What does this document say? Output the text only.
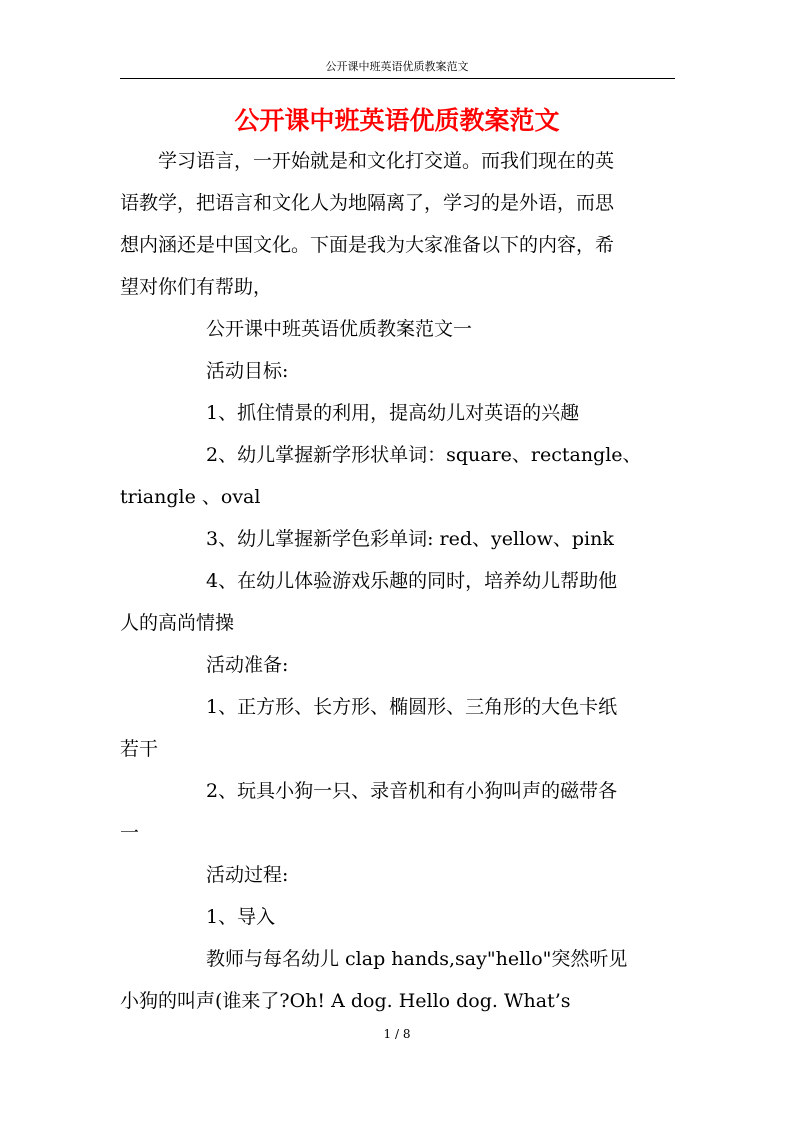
公开课中班英语优质教案范文
公开课中班英语优质教案范文

　　学习语言，一开始就是和文化打交道。而我们现在的英

语教学，把语言和文化人为地隔离了，学习的是外语，而思

想内涵还是中国文化。下面是我为大家准备以下的内容，希

望对你们有帮助，

公开课中班英语优质教案范文一

活动目标:

1、抓住情景的利用，提高幼儿对英语的兴趣

2、幼儿掌握新学形状单词：square、rectangle、

triangle 、oval

3、幼儿掌握新学色彩单词: red、yellow、pink

4、在幼儿体验游戏乐趣的同时，培养幼儿帮助他

人的高尚情操

活动准备:

1、正方形、长方形、椭圆形、三角形的大色卡纸

若干

2、玩具小狗一只、录音机和有小狗叫声的磁带各

一

活动过程:

1、导入

教师与每名幼儿 clap hands,say"hello"突然听见

小狗的叫声(谁来了?Oh! A dog. Hello dog. What’s

1 / 8
